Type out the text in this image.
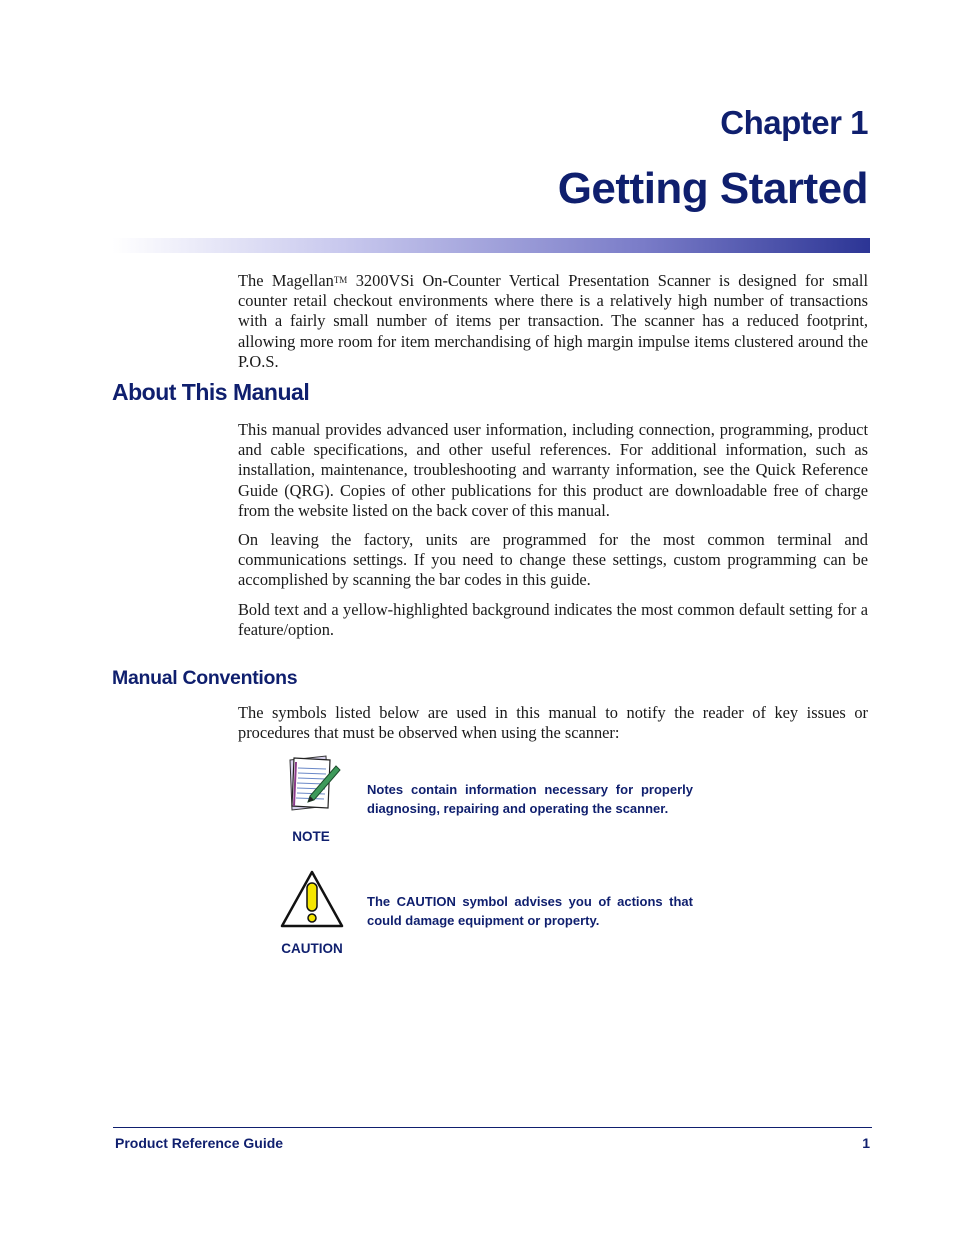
Chapter 1
Getting Started

The Magellan™ 3200VSi On-Counter Vertical Presentation Scanner is designed for small counter retail checkout environments where there is a relatively high number of transactions with a fairly small number of items per transaction. The scanner has a reduced footprint, allowing more room for item merchandising of high margin impulse items clustered around the P.O.S.

About This Manual

This manual provides advanced user information, including connection, programming, product and cable specifications, and other useful references. For additional information, such as installation, maintenance, troubleshooting and warranty information, see the Quick Reference Guide (QRG). Copies of other publications for this product are downloadable free of charge from the website listed on the back cover of this manual.

On leaving the factory, units are programmed for the most common terminal and communications settings. If you need to change these settings, custom programming can be accomplished by scanning the bar codes in this guide.

Bold text and a yellow-highlighted background indicates the most common default setting for a feature/option.

Manual Conventions

The symbols listed below are used in this manual to notify the reader of key issues or procedures that must be observed when using the scanner:

NOTE

Notes contain information necessary for properly diagnosing, repairing and operating the scanner.

CAUTION

The CAUTION symbol advises you of actions that could damage equipment or property.

Product Reference Guide	1
